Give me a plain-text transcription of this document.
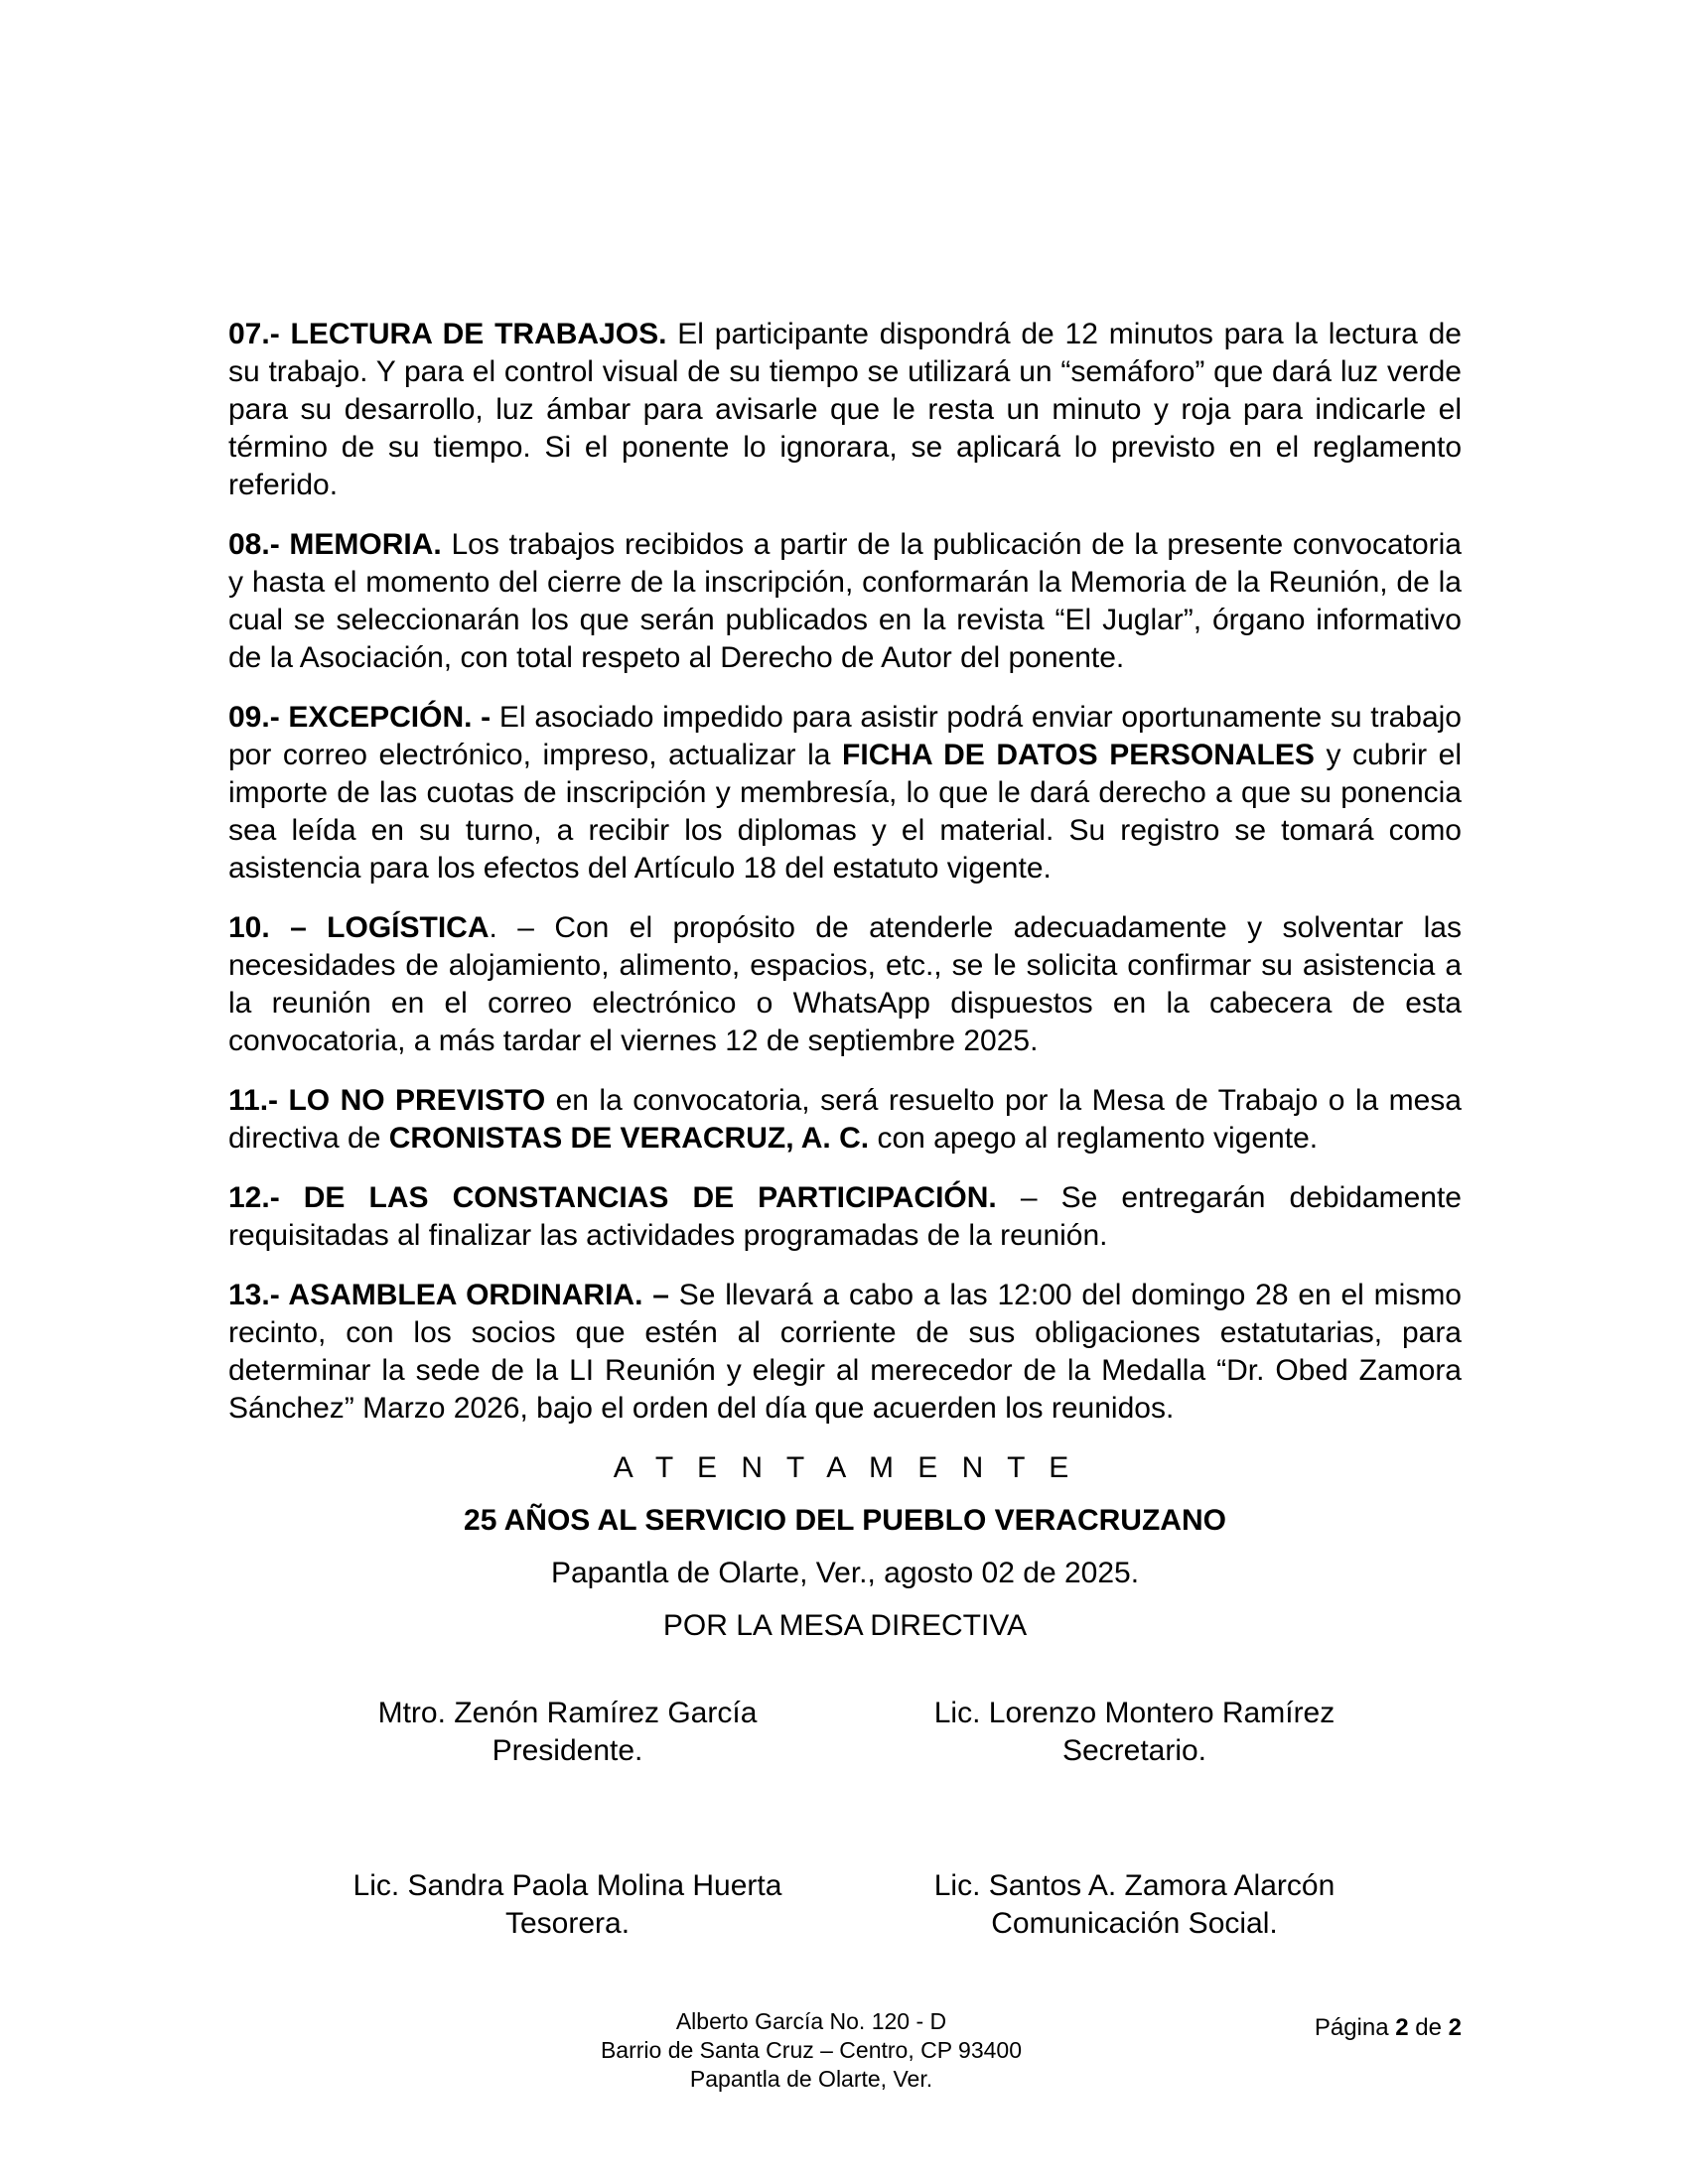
07.- LECTURA DE TRABAJOS. El participante dispondrá de 12 minutos para la lectura de su trabajo. Y para el control visual de su tiempo se utilizará un “semáforo” que dará luz verde para su desarrollo, luz ámbar para avisarle que le resta un minuto y roja para indicarle el término de su tiempo. Si el ponente lo ignorara, se aplicará lo previsto en el reglamento referido.

08.- MEMORIA. Los trabajos recibidos a partir de la publicación de la presente convocatoria y hasta el momento del cierre de la inscripción, conformarán la Memoria de la Reunión, de la cual se seleccionarán los que serán publicados en la revista “El Juglar”, órgano informativo de la Asociación, con total respeto al Derecho de Autor del ponente.

09.- EXCEPCIÓN. - El asociado impedido para asistir podrá enviar oportunamente su trabajo por correo electrónico, impreso, actualizar la FICHA DE DATOS PERSONALES y cubrir el importe de las cuotas de inscripción y membresía, lo que le dará derecho a que su ponencia sea leída en su turno, a recibir los diplomas y el material. Su registro se tomará como asistencia para los efectos del Artículo 18 del estatuto vigente.

10. – LOGÍSTICA. – Con el propósito de atenderle adecuadamente y solventar las necesidades de alojamiento, alimento, espacios, etc., se le solicita confirmar su asistencia a la reunión en el correo electrónico o WhatsApp dispuestos en la cabecera de esta convocatoria, a más tardar el viernes 12 de septiembre 2025.

11.- LO NO PREVISTO en la convocatoria, será resuelto por la Mesa de Trabajo o la mesa directiva de CRONISTAS DE VERACRUZ, A. C. con apego al reglamento vigente.

12.- DE LAS CONSTANCIAS DE PARTICIPACIÓN. – Se entregarán debidamente requisitadas al finalizar las actividades programadas de la reunión.

13.- ASAMBLEA ORDINARIA. – Se llevará a cabo a las 12:00 del domingo 28 en el mismo recinto, con los socios que estén al corriente de sus obligaciones estatutarias, para determinar la sede de la LI Reunión y elegir al merecedor de la Medalla “Dr. Obed Zamora Sánchez” Marzo 2026, bajo el orden del día que acuerden los reunidos.

A T E N T A M E N T E

25 AÑOS AL SERVICIO DEL PUEBLO VERACRUZANO

Papantla de Olarte, Ver., agosto 02 de 2025.

POR LA MESA DIRECTIVA

Mtro. Zenón Ramírez García
Presidente.
Lic. Lorenzo Montero Ramírez
Secretario.
Lic. Sandra Paola Molina Huerta
Tesorera.
Lic. Santos A. Zamora Alarcón
Comunicación Social.
Alberto García No. 120 - D
Barrio de Santa Cruz – Centro, CP 93400
Papantla de Olarte, Ver.
Página 2 de 2
